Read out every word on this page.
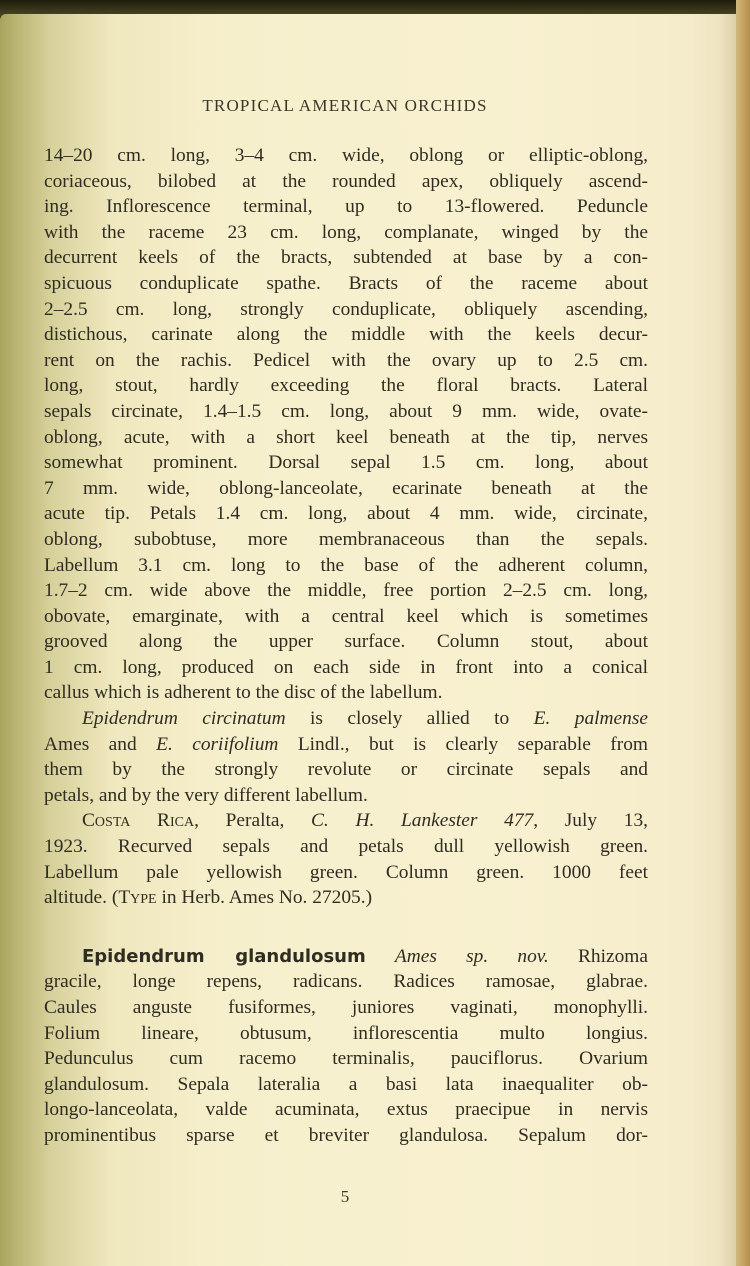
TROPICAL AMERICAN ORCHIDS
14–20 cm. long, 3–4 cm. wide, oblong or elliptic-oblong,
coriaceous, bilobed at the rounded apex, obliquely ascend-
ing. Inflorescence terminal, up to 13-flowered. Peduncle
with the raceme 23 cm. long, complanate, winged by the
decurrent keels of the bracts, subtended at base by a con-
spicuous conduplicate spathe. Bracts of the raceme about
2–2.5 cm. long, strongly conduplicate, obliquely ascending,
distichous, carinate along the middle with the keels decur-
rent on the rachis. Pedicel with the ovary up to 2.5 cm.
long, stout, hardly exceeding the floral bracts. Lateral
sepals circinate, 1.4–1.5 cm. long, about 9 mm. wide, ovate-
oblong, acute, with a short keel beneath at the tip, nerves
somewhat prominent. Dorsal sepal 1.5 cm. long, about
7 mm. wide, oblong-lanceolate, ecarinate beneath at the
acute tip. Petals 1.4 cm. long, about 4 mm. wide, circinate,
oblong, subobtuse, more membranaceous than the sepals.
Labellum 3.1 cm. long to the base of the adherent column,
1.7–2 cm. wide above the middle, free portion 2–2.5 cm. long,
obovate, emarginate, with a central keel which is sometimes
grooved along the upper surface. Column stout, about
1 cm. long, produced on each side in front into a conical
callus which is adherent to the disc of the labellum.
Epidendrum circinatum is closely allied to E. palmense
Ames and E. coriifolium Lindl., but is clearly separable from
them by the strongly revolute or circinate sepals and
petals, and by the very different labellum.
Costa Rica, Peralta, C. H. Lankester 477, July 13,
1923. Recurved sepals and petals dull yellowish green.
Labellum pale yellowish green. Column green. 1000 feet
altitude. (Type in Herb. Ames No. 27205.)
Epidendrum glandulosum Ames sp. nov. Rhizoma
gracile, longe repens, radicans. Radices ramosae, glabrae.
Caules anguste fusiformes, juniores vaginati, monophylli.
Folium lineare, obtusum, inflorescentia multo longius.
Pedunculus cum racemo terminalis, pauciflorus. Ovarium
glandulosum. Sepala lateralia a basi lata inaequaliter ob-
longo-lanceolata, valde acuminata, extus praecipue in nervis
prominentibus sparse et breviter glandulosa. Sepalum dor-
5
